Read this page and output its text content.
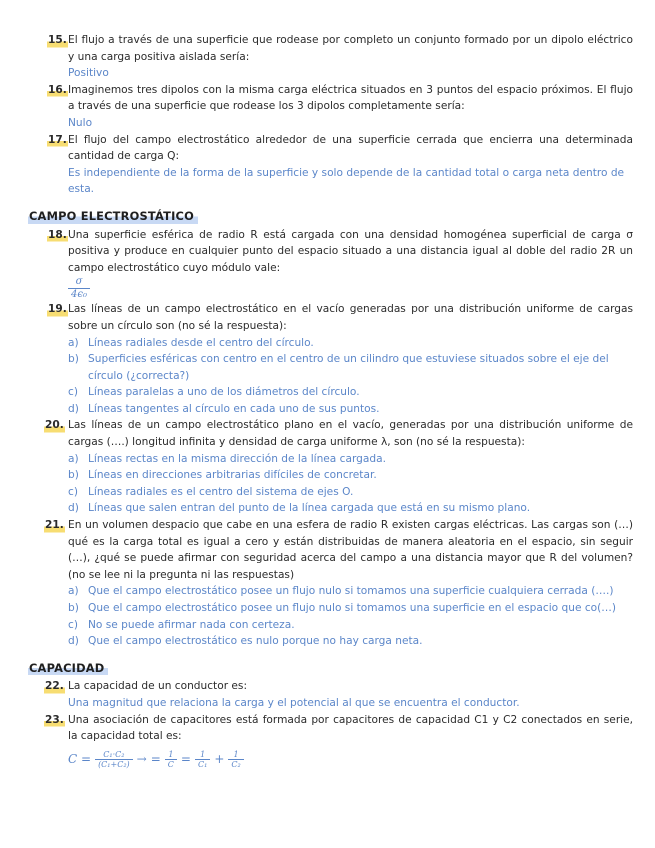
15. El flujo a través de una superficie que rodease por completo un conjunto formado por un dipolo eléctrico y una carga positiva aislada sería:
Positivo
16. Imaginemos tres dipolos con la misma carga eléctrica situados en 3 puntos del espacio próximos. El flujo a través de una superficie que rodease los 3 dipolos completamente sería:
Nulo
17. El flujo del campo electrostático alrededor de una superficie cerrada que encierra una determinada cantidad de carga Q:
Es independiente de la forma de la superficie y solo depende de la cantidad total o carga neta dentro de esta.
CAMPO ELECTROSTÁTICO
18. Una superficie esférica de radio R está cargada con una densidad homogénea superficial de carga σ positiva y produce en cualquier punto del espacio situado a una distancia igual al doble del radio 2R un campo electrostático cuyo módulo vale:
$\frac{\sigma}{\text{4ϵ₀}}$
19. Las líneas de un campo electrostático en el vacío generadas por una distribución uniforme de cargas sobre un círculo son (no sé la respuesta):
a) Líneas radiales desde el centro del círculo.
b) Superficies esféricas con centro en el centro de un cilindro que estuviese situados sobre el eje del círculo (¿correcta?)
c) Líneas paralelas a uno de los diámetros del círculo.
d) Líneas tangentes al círculo en cada uno de sus puntos.
20. Las líneas de un campo electrostático plano en el vacío, generadas por una distribución uniforme de cargas (….) longitud infinita y densidad de carga uniforme λ, son (no sé la respuesta):
a) Líneas rectas en la misma dirección de la línea cargada.
b) Líneas en direcciones arbitrarias difíciles de concretar.
c) Líneas radiales es el centro del sistema de ejes O.
d) Líneas que salen entran del punto de la línea cargada que está en su mismo plano.
21. En un volumen despacio que cabe en una esfera de radio R existen cargas eléctricas. Las cargas son (…) qué es la carga total es igual a cero y están distribuidas de manera aleatoria en el espacio, sin seguir (…), ¿qué se puede afirmar con seguridad acerca del campo a una distancia mayor que R del volumen? (no se lee ni la pregunta ni las respuestas)
a) Que el campo electrostático posee un flujo nulo si tomamos una superficie cualquiera cerrada (….)
b) Que el campo electrostático posee un flujo nulo si tomamos una superficie en el espacio que co(…)
c) No se puede afirmar nada con certeza.
d) Que el campo electrostático es nulo porque no hay carga neta.
CAPACIDAD
22. La capacidad de un conductor es:
Una magnitud que relaciona la carga y el potencial al que se encuentra el conductor.
23. Una asociación de capacitores está formada por capacitores de capacidad C1 y C2 conectados en serie, la capacidad total es:
$C = \frac{\text{C₁·C₂}}{\text{(C₁+C₂)}}$ → = $\frac{1}{C} = \frac{1}{\text{C₁}} + \frac{1}{\text{C₂}}$
